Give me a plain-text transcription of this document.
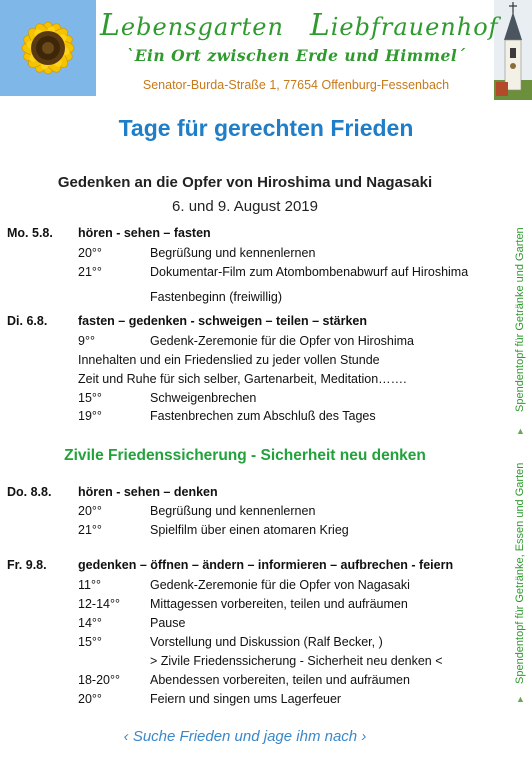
Lebensgarten Liebfrauenhof
`Ein Ort zwischen Erde und Himmel´
Senator-Burda-Straße 1, 77654 Offenburg-Fessenbach
Tage für gerechten Frieden
Gedenken an die Opfer von Hiroshima und Nagasaki
6. und 9. August 2019
Mo. 5.8. hören - sehen – fasten
20°°	Begrüßung und kennenlernen
21°°	Dokumentar-Film zum Atombombenabwurf auf Hiroshima
Fastenbeginn (freiwillig)
Di. 6.8. fasten – gedenken - schweigen – teilen – stärken
9°°	Gedenk-Zeremonie für die Opfer von Hiroshima
Innehalten und ein Friedenslied zu jeder vollen Stunde
Zeit und Ruhe für sich selber, Gartenarbeit, Meditation…….
15°°	Schweigenbrechen
19°°	Fastenbrechen zum Abschluß des Tages
Zivile Friedenssicherung - Sicherheit neu denken
Do. 8.8. hören - sehen – denken
20°°	Begrüßung und kennenlernen
21°°	Spielfilm über einen atomaren Krieg
Fr. 9.8.	gedenken – öffnen – ändern – informieren – aufbrechen - feiern
11°°	Gedenk-Zeremonie für die Opfer von Nagasaki
12-14°° Mittagessen vorbereiten, teilen und aufräumen
14°°	Pause
15°°	Vorstellung und Diskussion (Ralf Becker, )
> Zivile Friedenssicherung - Sicherheit neu denken <
18-20°° Abendessen vorbereiten, teilen und aufräumen
20°°	Feiern und singen ums Lagerfeuer
‹ Suche Frieden und jage ihm nach ›
Spendentopf für Getränke und Garten
▲
Spendentopf für Getränke, Essen und Garten
▲
